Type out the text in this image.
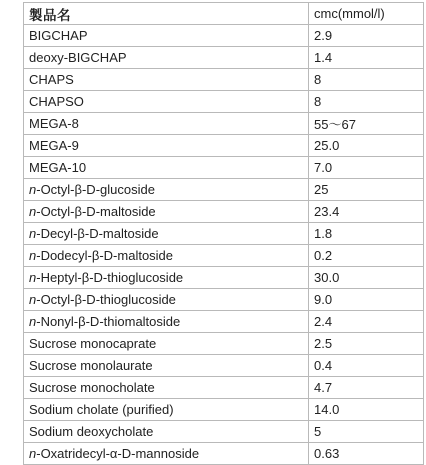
製品名	cmc(mmol/l)
BIGCHAP	2.9
deoxy-BIGCHAP	1.4
CHAPS	8
CHAPSO	8
MEGA-8	55〜67
MEGA-9	25.0
MEGA-10	7.0
n-Octyl-β-D-glucoside	25
n-Octyl-β-D-maltoside	23.4
n-Decyl-β-D-maltoside	1.8
n-Dodecyl-β-D-maltoside	0.2
n-Heptyl-β-D-thioglucoside	30.0
n-Octyl-β-D-thioglucoside	9.0
n-Nonyl-β-D-thiomaltoside	2.4
Sucrose monocaprate	2.5
Sucrose monolaurate	0.4
Sucrose monocholate	4.7
Sodium cholate (purified)	14.0
Sodium deoxycholate	5
n-Oxatridecyl-α-D-mannoside	0.63
